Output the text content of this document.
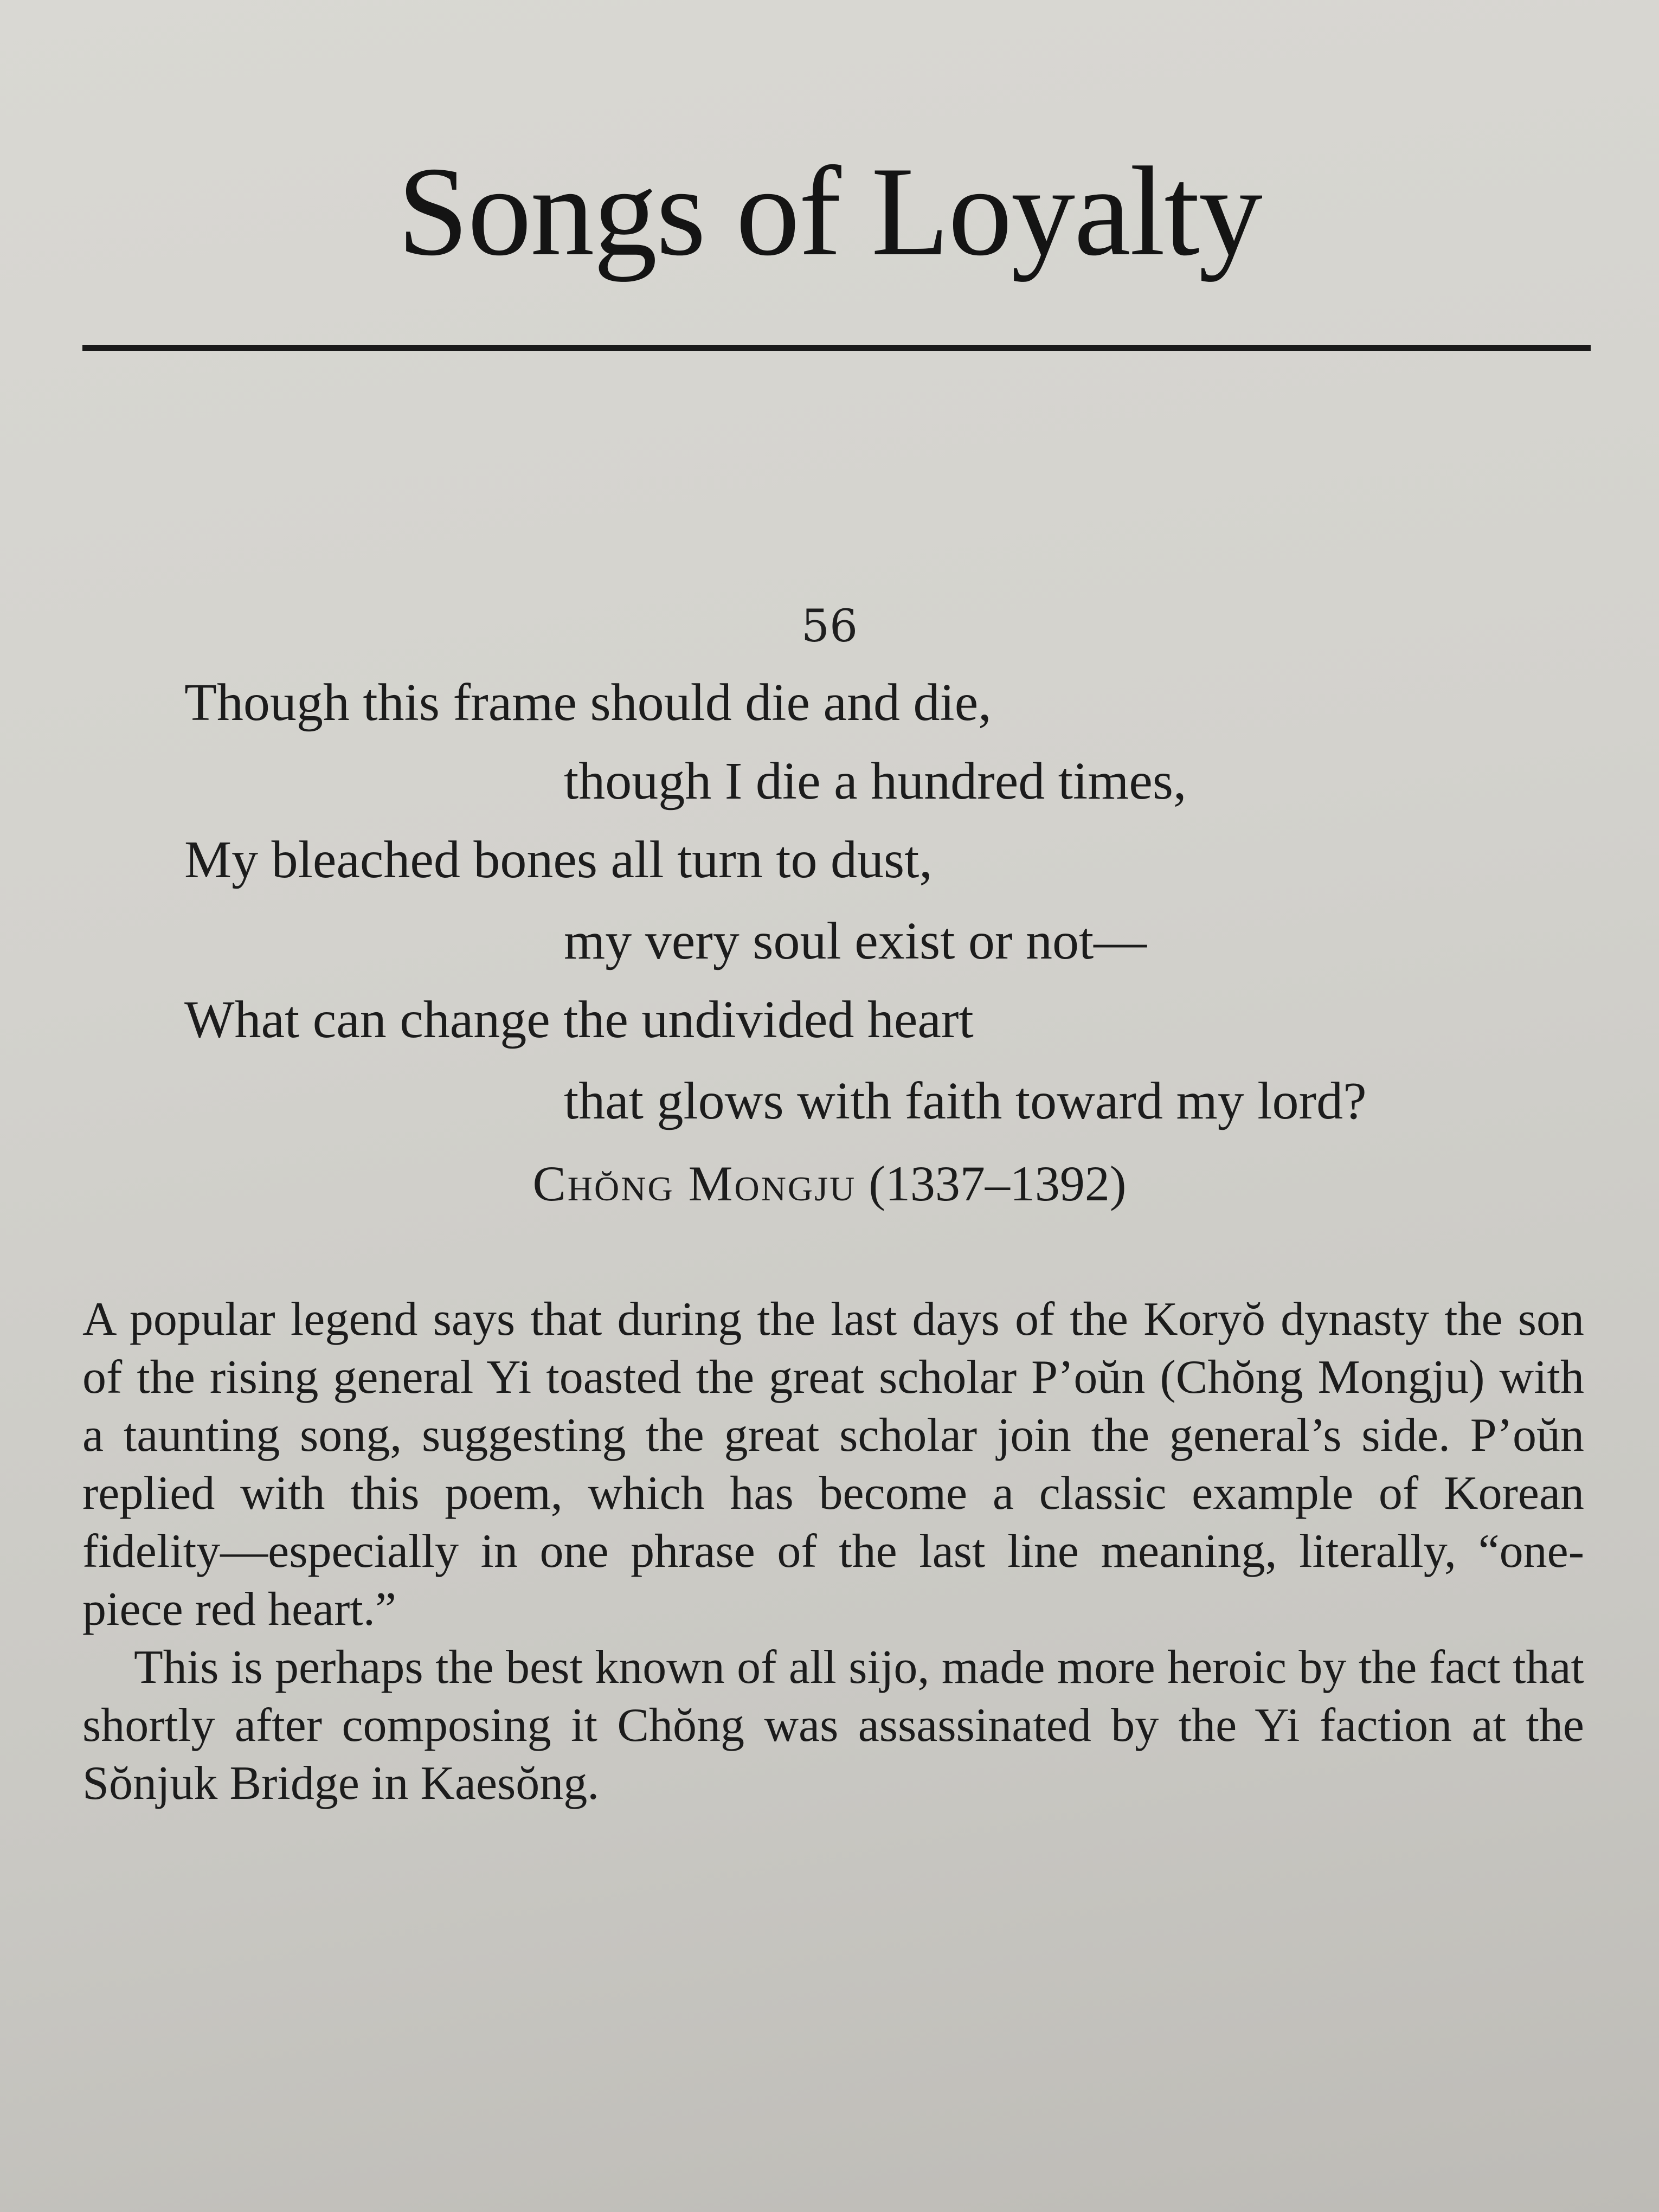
Songs of Loyalty
56
Though this frame should die and die,
though I die a hundred times,
My bleached bones all turn to dust,
my very soul exist or not—
What can change the undivided heart
that glows with faith toward my lord?
Chŏng Mongju (1337–1392)

A popular legend says that during the last days of the Koryŏ dynasty the son of the rising general Yi toasted the great scholar P’oŭn (Chŏng Mongju) with a taunting song, suggesting the great scholar join the general’s side. P’oŭn replied with this poem, which has become a classic example of Korean fidelity—especially in one phrase of the last line meaning, literally, “one-piece red heart.”

This is perhaps the best known of all sijo, made more heroic by the fact that shortly after composing it Chŏng was assassinated by the Yi faction at the Sŏnjuk Bridge in Kaesŏng.
